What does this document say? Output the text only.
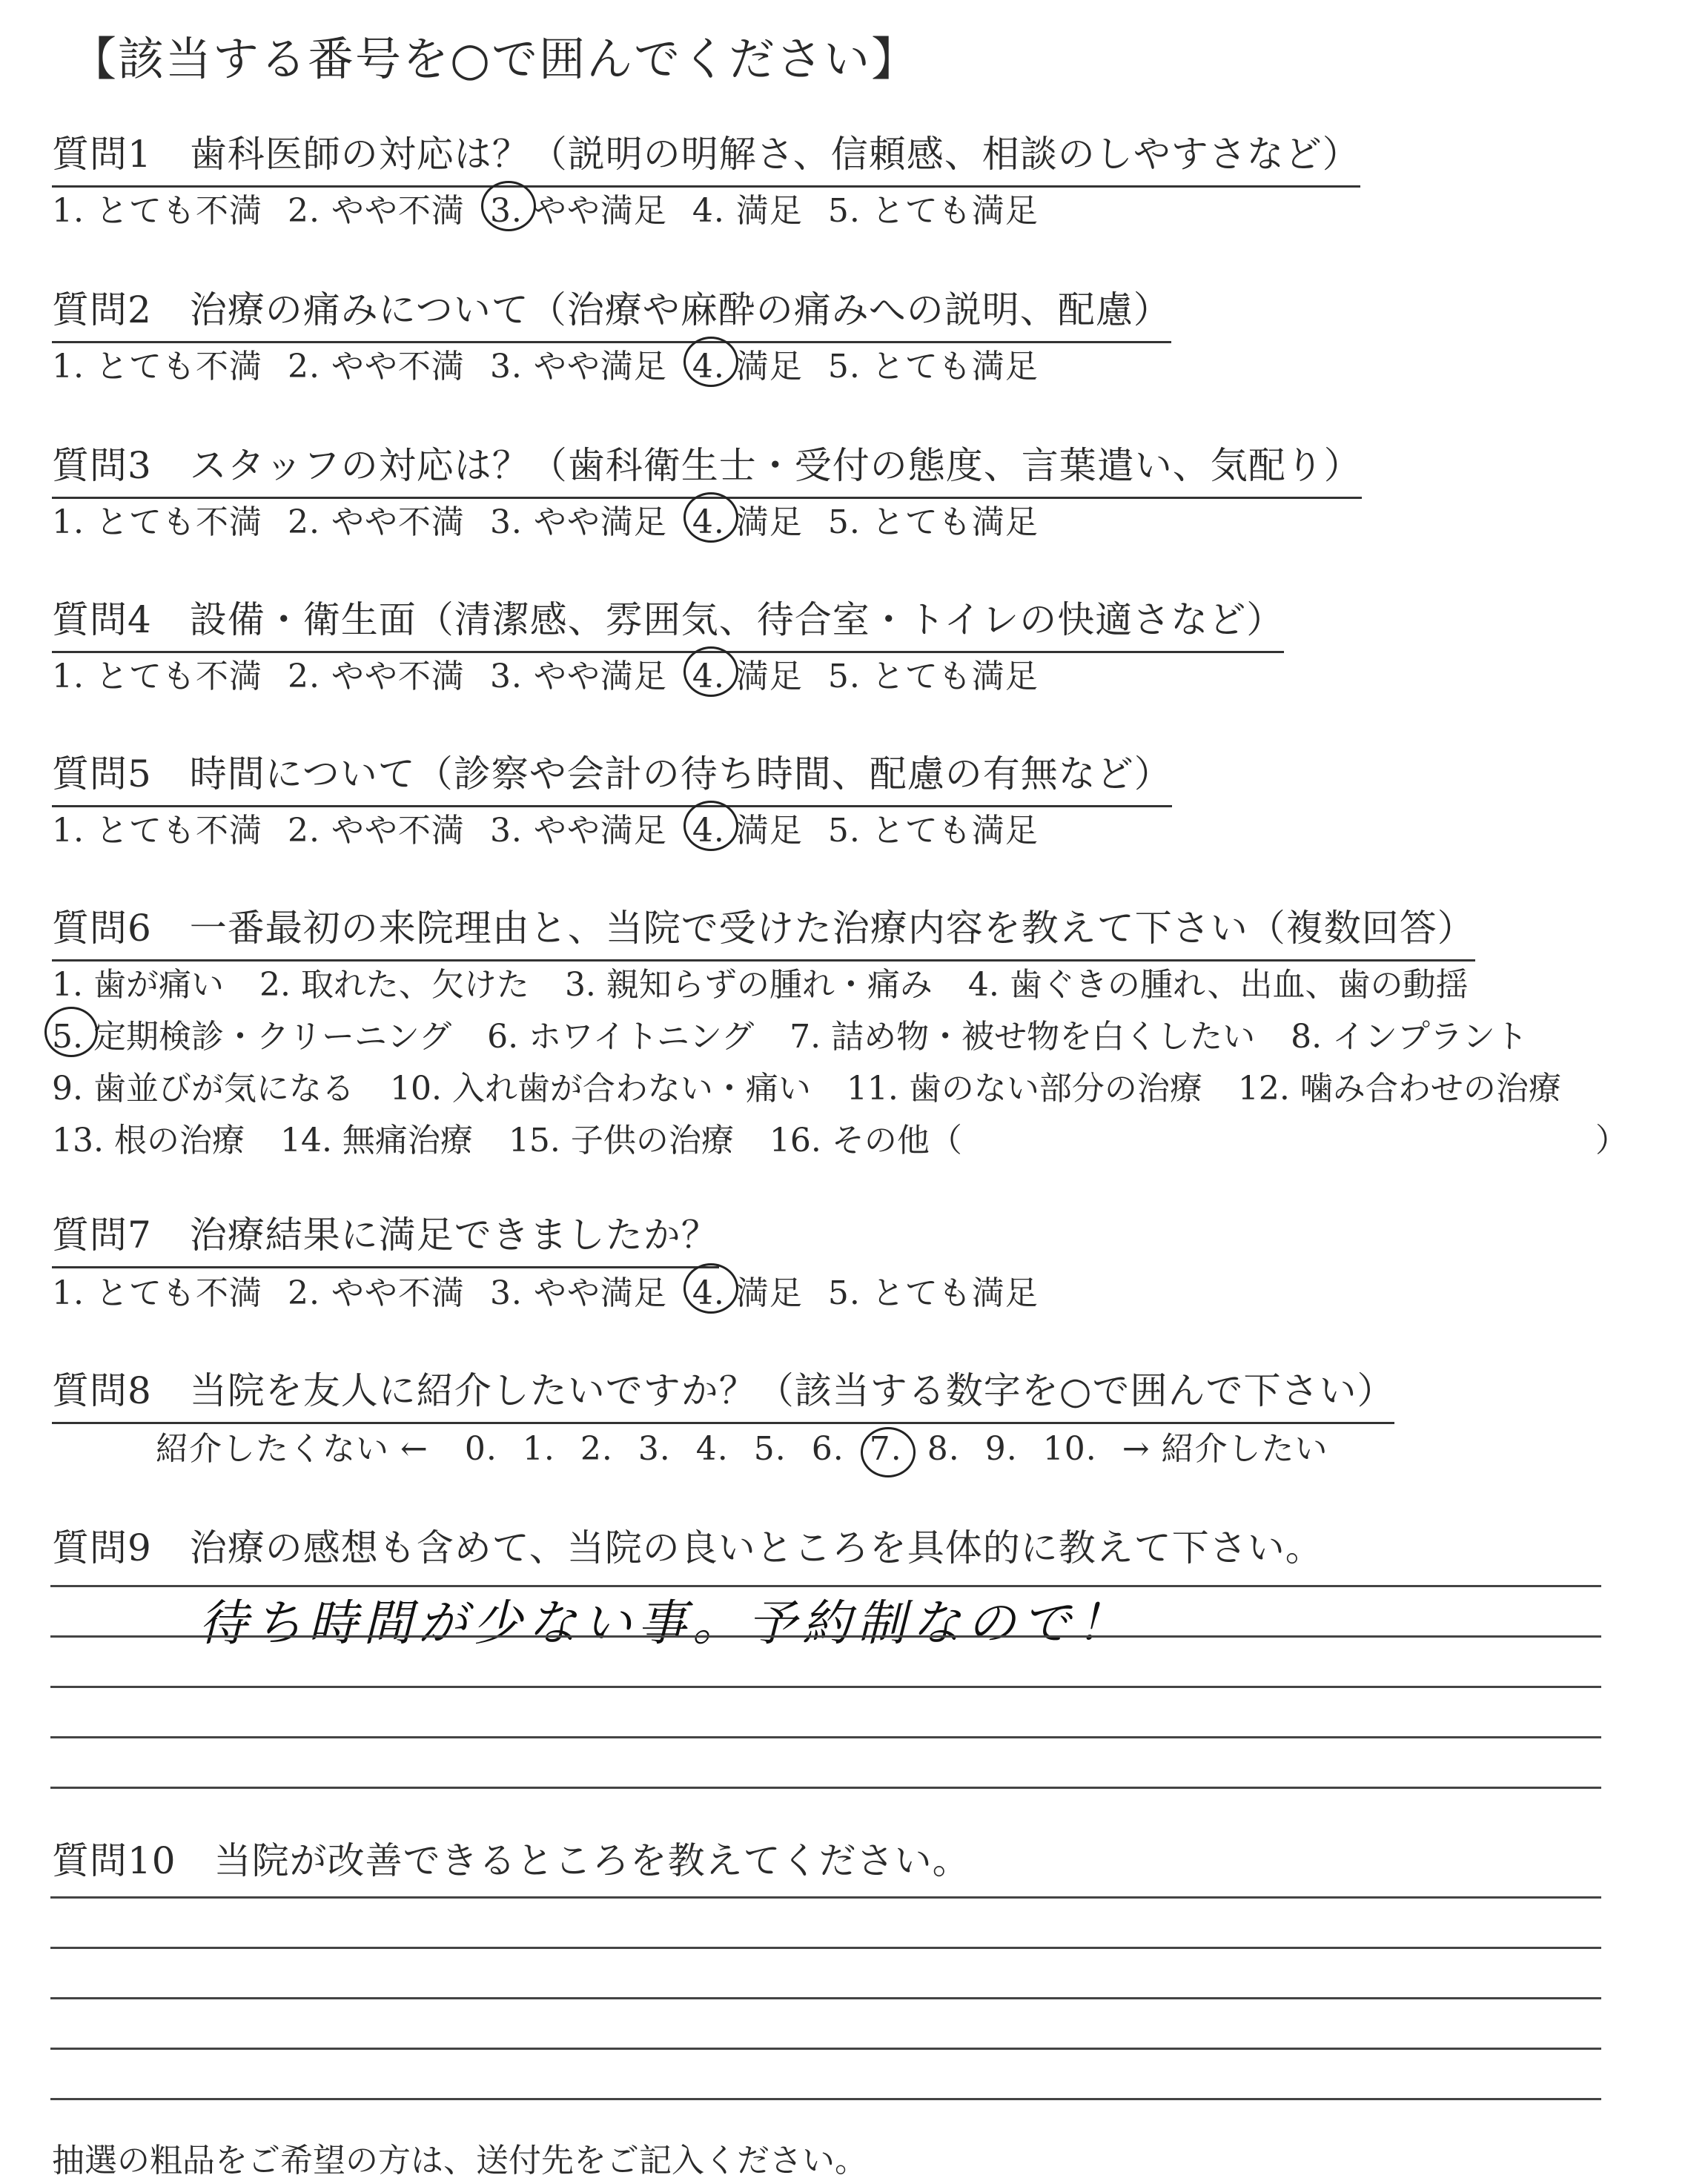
【該当する番号を○で囲んでください】
質問1　歯科医師の対応は？（説明の明解さ、信頼感、相談のしやすさなど）
1. とても不満 2. やや不満 3. やや満足 4. 満足 5. とても満足
質問2　治療の痛みについて（治療や麻酔の痛みへの説明、配慮）
1. とても不満 2. やや不満 3. やや満足 4. 満足 5. とても満足
質問3　スタッフの対応は？（歯科衛生士・受付の態度、言葉遣い、気配り）
1. とても不満 2. やや不満 3. やや満足 4. 満足 5. とても満足
質問4　設備・衛生面（清潔感、雰囲気、待合室・トイレの快適さなど）
1. とても不満 2. やや不満 3. やや満足 4. 満足 5. とても満足
質問5　時間について（診察や会計の待ち時間、配慮の有無など）
1. とても不満 2. やや不満 3. やや満足 4. 満足 5. とても満足
質問6　一番最初の来院理由と、当院で受けた治療内容を教えて下さい（複数回答）
1. 歯が痛い 2. 取れた、欠けた 3. 親知らずの腫れ・痛み 4. 歯ぐきの腫れ、出血、歯の動揺
5. 定期検診・クリーニング 6. ホワイトニング 7. 詰め物・被せ物を白くしたい 8. インプラント
9. 歯並びが気になる 10. 入れ歯が合わない・痛い 11. 歯のない部分の治療 12. 噛み合わせの治療
13. 根の治療 14. 無痛治療 15. 子供の治療 16. その他（	）
質問7　治療結果に満足できましたか？
1. とても不満 2. やや不満 3. やや満足 4. 満足 5. とても満足
質問8　当院を友人に紹介したいですか？（該当する数字を○で囲んで下さい）
紹介したくない ← 0. 1. 2. 3. 4. 5. 6. 7. 8. 9. 10. → 紹介したい
質問9　治療の感想も含めて、当院の良いところを具体的に教えて下さい。
待ち時間が少ない事。予約制なので！
質問10　当院が改善できるところを教えてください。
抽選の粗品をご希望の方は、送付先をご記入ください。
